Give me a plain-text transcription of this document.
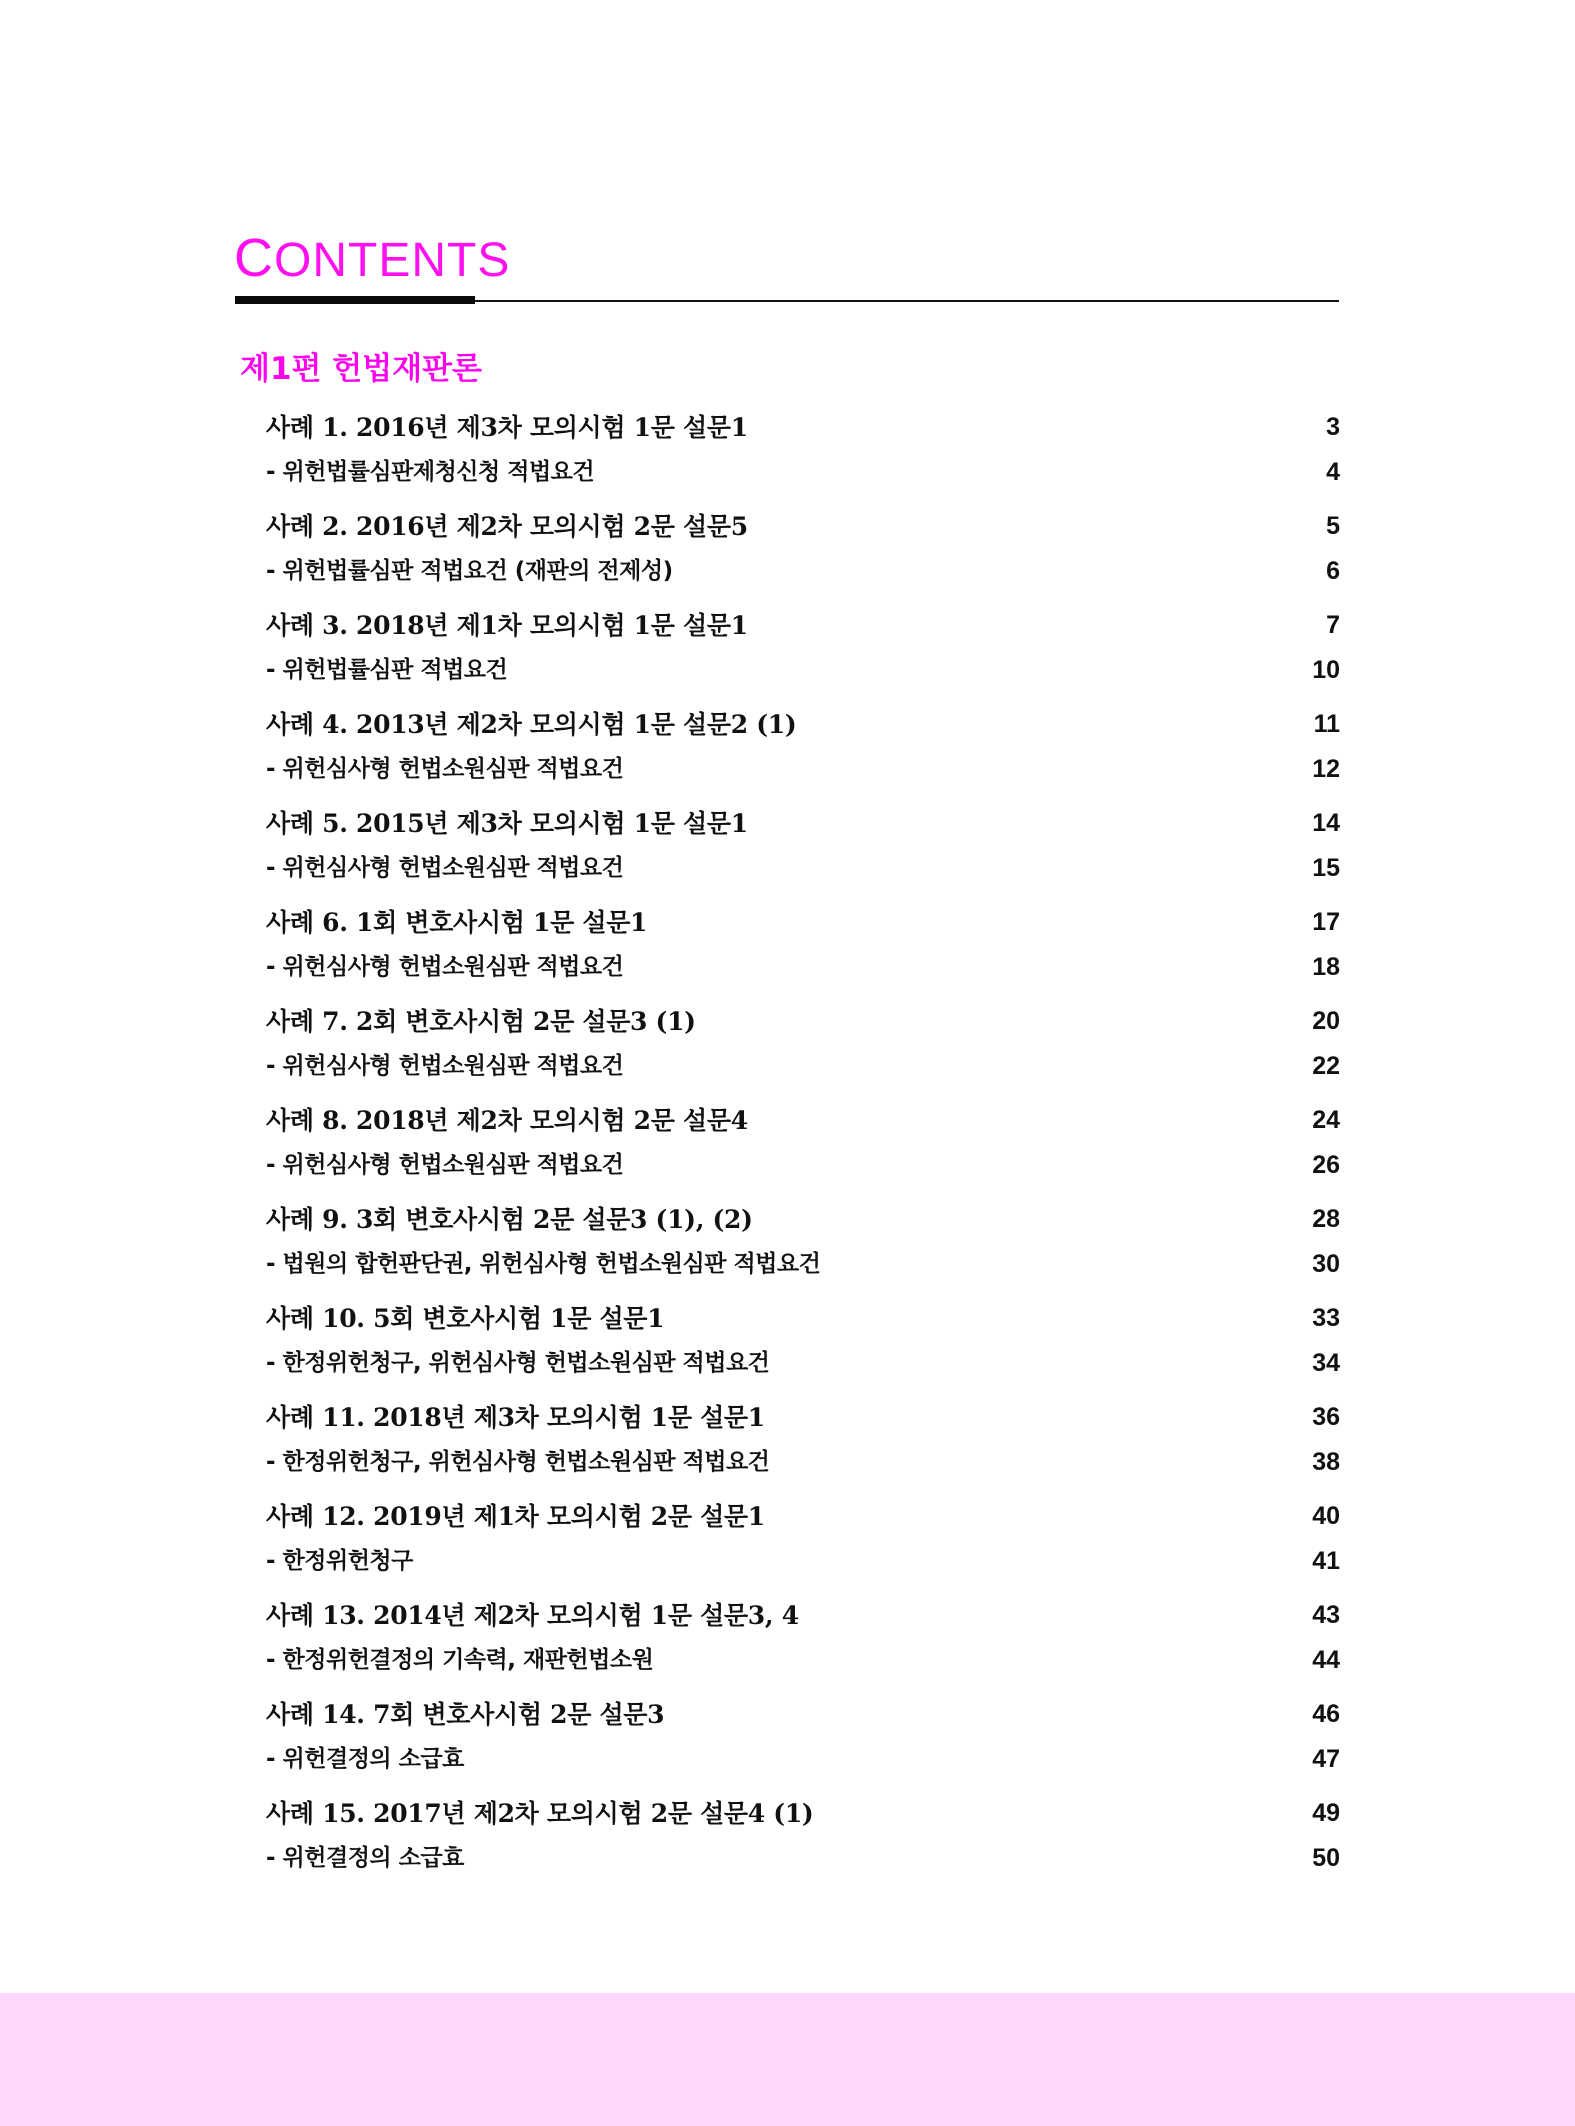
CONTENTS
제1편 헌법재판론
사례 1. 2016년 제3차 모의시험 1문 설문1	3
- 위헌법률심판제청신청 적법요건	4
사례 2. 2016년 제2차 모의시험 2문 설문5	5
- 위헌법률심판 적법요건 (재판의 전제성)	6
사례 3. 2018년 제1차 모의시험 1문 설문1	7
- 위헌법률심판 적법요건	10
사례 4. 2013년 제2차 모의시험 1문 설문2 (1)	11
- 위헌심사형 헌법소원심판 적법요건	12
사례 5. 2015년 제3차 모의시험 1문 설문1	14
- 위헌심사형 헌법소원심판 적법요건	15
사례 6. 1회 변호사시험 1문 설문1	17
- 위헌심사형 헌법소원심판 적법요건	18
사례 7. 2회 변호사시험 2문 설문3 (1)	20
- 위헌심사형 헌법소원심판 적법요건	22
사례 8. 2018년 제2차 모의시험 2문 설문4	24
- 위헌심사형 헌법소원심판 적법요건	26
사례 9. 3회 변호사시험 2문 설문3 (1), (2)	28
- 법원의 합헌판단권, 위헌심사형 헌법소원심판 적법요건	30
사례 10. 5회 변호사시험 1문 설문1	33
- 한정위헌청구, 위헌심사형 헌법소원심판 적법요건	34
사례 11. 2018년 제3차 모의시험 1문 설문1	36
- 한정위헌청구, 위헌심사형 헌법소원심판 적법요건	38
사례 12. 2019년 제1차 모의시험 2문 설문1	40
- 한정위헌청구	41
사례 13. 2014년 제2차 모의시험 1문 설문3, 4	43
- 한정위헌결정의 기속력, 재판헌법소원	44
사례 14. 7회 변호사시험 2문 설문3	46
- 위헌결정의 소급효	47
사례 15. 2017년 제2차 모의시험 2문 설문4 (1)	49
- 위헌결정의 소급효	50
